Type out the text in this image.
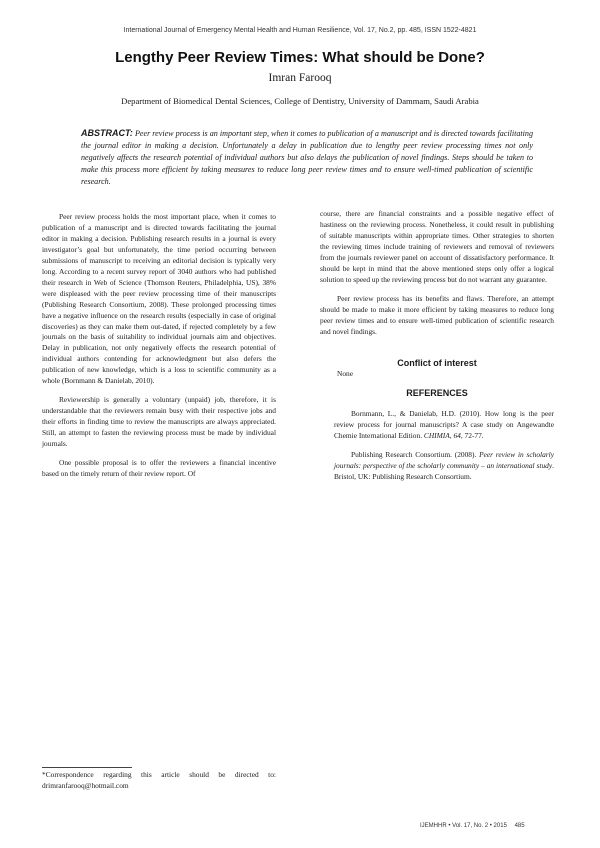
International Journal of Emergency Mental Health and Human Resilience, Vol. 17, No.2, pp. 485, ISSN 1522-4821
Lengthy Peer Review Times: What should be Done?
Imran Farooq
Department of Biomedical Dental Sciences, College of Dentistry, University of Dammam, Saudi Arabia
ABSTRACT: Peer review process is an important step, when it comes to publication of a manuscript and is directed towards facilitating the journal editor in making a decision. Unfortunately a delay in publication due to lengthy peer review processing times not only negatively affects the research potential of individual authors but also delays the publication of novel findings. Steps should be taken to make this process more efficient by taking measures to reduce long peer review times and to ensure well-timed publication of scientific research.

Peer review process holds the most important place, when it comes to publication of a manuscript and is directed towards facilitating the journal editor in making a decision. Publishing research results in a journal is every investigator’s goal but unfortunately, the time period occurring between submissions of manuscript to receiving an editorial decision is typically very long. According to a recent survey report of 3040 authors who had published their research in Web of Science (Thomson Reuters, Philadelphia, US), 38% were displeased with the peer review processing time of their manuscripts (Publishing Research Consortium, 2008). These prolonged processing times have a negative influence on the research results (especially in case of original discoveries) as they can make them out-dated, if rejected completely by a few journals on the basis of suitability to individual journals aim and objectives. Delay in publication, not only negatively effects the research potential of individual authors contending for acknowledgment but also defers the publication of new knowledge, which is a loss to scientific community as a whole (Bornmann & Danielab, 2010).

Reviewership is generally a voluntary (unpaid) job, therefore, it is understandable that the reviewers remain busy with their respective jobs and their efforts in finding time to review the manuscripts are always appreciated. Still, an attempt to fasten the reviewing process must be made by individual journals.

One possible proposal is to offer the reviewers a financial incentive based on the timely return of their review report. Of

course, there are financial constraints and a possible negative effect of hastiness on the reviewing process. Nonetheless, it could result in publishing of suitable manuscripts within appropriate times. Other strategies to shorten the reviewing times include training of reviewers and removal of reviewers from the journals reviewer panel on account of dissatisfactory performance. It should be kept in mind that the above mentioned steps only offer a logical solution to speed up the reviewing process but do not warrant any guarantee.

Peer review process has its benefits and flaws. Therefore, an attempt should be made to make it more efficient by taking measures to reduce long peer review times and to ensure well-timed publication of scientific research and novel findings.

Conflict of interest

None

REFERENCES

Bornmann, L., & Danielab, H.D. (2010). How long is the peer review process for journal manuscripts? A case study on Angewandte Chemie International Edition. CHIMIA, 64, 72-77.

Publishing Research Consortium. (2008). Peer review in scholarly journals: perspective of the scholarly community – an international study. Bristol, UK: Publishing Research Consortium.

*Correspondence regarding this article should be directed to: drimranfarooq@hotmail.com
IJEMHHR • Vol. 17, No. 2 • 2015 485
